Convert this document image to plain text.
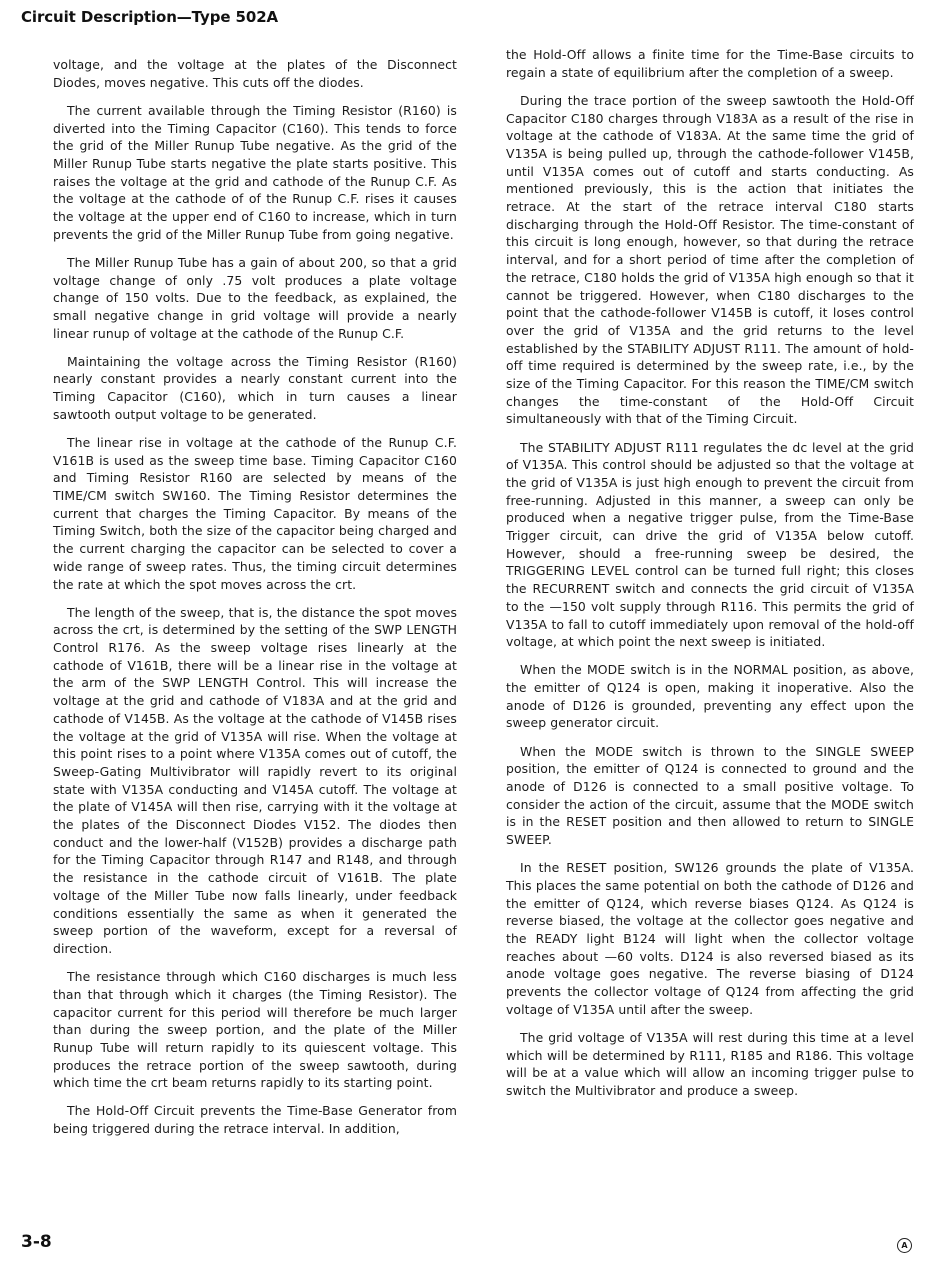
Circuit Description—Type 502A

voltage, and the voltage at the plates of the Disconnect Diodes, moves negative. This cuts off the diodes.

The current available through the Timing Resistor (R160) is diverted into the Timing Capacitor (C160). This tends to force the grid of the Miller Runup Tube negative. As the grid of the Miller Runup Tube starts negative the plate starts positive. This raises the voltage at the grid and cathode of the Runup C.F. As the voltage at the cathode of of the Runup C.F. rises it causes the voltage at the upper end of C160 to increase, which in turn prevents the grid of the Miller Runup Tube from going negative.

The Miller Runup Tube has a gain of about 200, so that a grid voltage change of only .75 volt produces a plate voltage change of 150 volts. Due to the feedback, as explained, the small negative change in grid voltage will provide a nearly linear runup of voltage at the cathode of the Runup C.F.

Maintaining the voltage across the Timing Resistor (R160) nearly constant provides a nearly constant current into the Timing Capacitor (C160), which in turn causes a linear sawtooth output voltage to be generated.

The linear rise in voltage at the cathode of the Runup C.F. V161B is used as the sweep time base. Timing Capacitor C160 and Timing Resistor R160 are selected by means of the TIME/CM switch SW160. The Timing Resistor determines the current that charges the Timing Capacitor. By means of the Timing Switch, both the size of the capacitor being charged and the current charging the capacitor can be selected to cover a wide range of sweep rates. Thus, the timing circuit determines the rate at which the spot moves across the crt.

The length of the sweep, that is, the distance the spot moves across the crt, is determined by the setting of the SWP LENGTH Control R176. As the sweep voltage rises linearly at the cathode of V161B, there will be a linear rise in the voltage at the arm of the SWP LENGTH Control. This will increase the voltage at the grid and cathode of V183A and at the grid and cathode of V145B. As the voltage at the cathode of V145B rises the voltage at the grid of V135A will rise. When the voltage at this point rises to a point where V135A comes out of cutoff, the Sweep-Gating Multivibrator will rapidly revert to its original state with V135A conducting and V145A cutoff. The voltage at the plate of V145A will then rise, carrying with it the voltage at the plates of the Disconnect Diodes V152. The diodes then conduct and the lower-half (V152B) provides a discharge path for the Timing Capacitor through R147 and R148, and through the resistance in the cathode circuit of V161B. The plate voltage of the Miller Tube now falls linearly, under feedback conditions essentially the same as when it generated the sweep portion of the waveform, except for a reversal of direction.

The resistance through which C160 discharges is much less than that through which it charges (the Timing Resistor). The capacitor current for this period will therefore be much larger than during the sweep portion, and the plate of the Miller Runup Tube will return rapidly to its quiescent voltage. This produces the retrace portion of the sweep sawtooth, during which time the crt beam returns rapidly to its starting point.

The Hold-Off Circuit prevents the Time-Base Generator from being triggered during the retrace interval. In addition,

the Hold-Off allows a finite time for the Time-Base circuits to regain a state of equilibrium after the completion of a sweep.

During the trace portion of the sweep sawtooth the Hold-Off Capacitor C180 charges through V183A as a result of the rise in voltage at the cathode of V183A. At the same time the grid of V135A is being pulled up, through the cathode-follower V145B, until V135A comes out of cutoff and starts conducting. As mentioned previously, this is the action that initiates the retrace. At the start of the retrace interval C180 starts discharging through the Hold-Off Resistor. The time-constant of this circuit is long enough, however, so that during the retrace interval, and for a short period of time after the completion of the retrace, C180 holds the grid of V135A high enough so that it cannot be triggered. However, when C180 discharges to the point that the cathode-follower V145B is cutoff, it loses control over the grid of V135A and the grid returns to the level established by the STABILITY ADJUST R111. The amount of hold-off time required is determined by the sweep rate, i.e., by the size of the Timing Capacitor. For this reason the TIME/CM switch changes the time-constant of the Hold-Off Circuit simultaneously with that of the Timing Circuit.

The STABILITY ADJUST R111 regulates the dc level at the grid of V135A. This control should be adjusted so that the voltage at the grid of V135A is just high enough to prevent the circuit from free-running. Adjusted in this manner, a sweep can only be produced when a negative trigger pulse, from the Time-Base Trigger circuit, can drive the grid of V135A below cutoff. However, should a free-running sweep be desired, the TRIGGERING LEVEL control can be turned full right; this closes the RECURRENT switch and connects the grid circuit of V135A to the —150 volt supply through R116. This permits the grid of V135A to fall to cutoff immediately upon removal of the hold-off voltage, at which point the next sweep is initiated.

When the MODE switch is in the NORMAL position, as above, the emitter of Q124 is open, making it inoperative. Also the anode of D126 is grounded, preventing any effect upon the sweep generator circuit.

When the MODE switch is thrown to the SINGLE SWEEP position, the emitter of Q124 is connected to ground and the anode of D126 is connected to a small positive voltage. To consider the action of the circuit, assume that the MODE switch is in the RESET position and then allowed to return to SINGLE SWEEP.

In the RESET position, SW126 grounds the plate of V135A. This places the same potential on both the cathode of D126 and the emitter of Q124, which reverse biases Q124. As Q124 is reverse biased, the voltage at the collector goes negative and the READY light B124 will light when the collector voltage reaches about —60 volts. D124 is also reversed biased as its anode voltage goes negative. The reverse biasing of D124 prevents the collector voltage of Q124 from affecting the grid voltage of V135A until after the sweep.

The grid voltage of V135A will rest during this time at a level which will be determined by R111, R185 and R186. This voltage will be at a value which will allow an incoming trigger pulse to switch the Multivibrator and produce a sweep.

3-8	A
